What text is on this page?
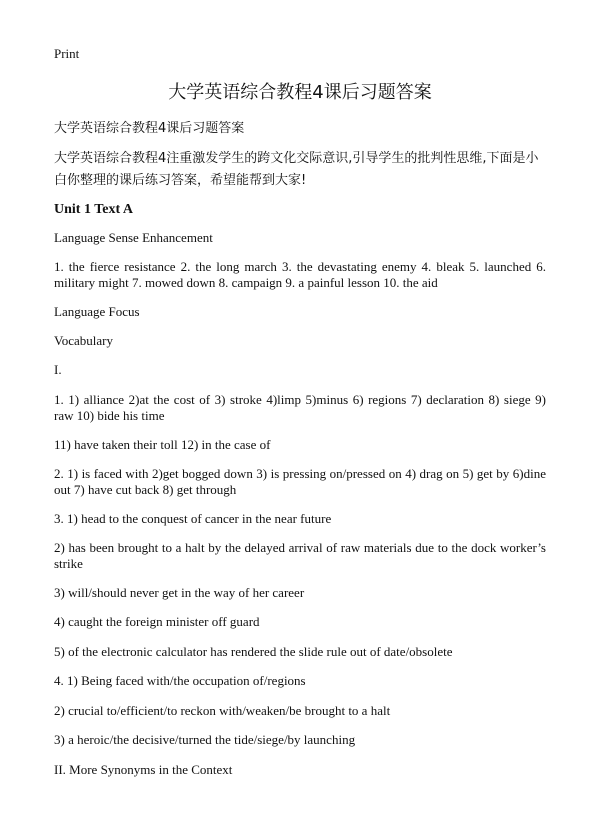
Print
大学英语综合教程4课后习题答案
大学英语综合教程4课后习题答案
大学英语综合教程4注重激发学生的跨文化交际意识,引导学生的批判性思维,下面是小白你整理的课后练习答案，希望能帮到大家!
Unit 1 Text A
Language Sense Enhancement
1. the fierce resistance 2. the long march 3. the devastating enemy 4. bleak 5. launched 6. military might 7. mowed down 8. campaign 9. a painful lesson 10. the aid
Language Focus
Vocabulary
I.
1. 1) alliance 2)at the cost of 3) stroke 4)limp 5)minus 6) regions 7) declaration 8) siege 9) raw 10) bide his time
11) have taken their toll 12) in the case of
2. 1) is faced with 2)get bogged down 3) is pressing on/pressed on 4) drag on 5) get by 6)dine out 7) have cut back 8) get through
3. 1) head to the conquest of cancer in the near future
2) has been brought to a halt by the delayed arrival of raw materials due to the dock worker’s strike
3) will/should never get in the way of her career
4) caught the foreign minister off guard
5) of the electronic calculator has rendered the slide rule out of date/obsolete
4. 1) Being faced with/the occupation of/regions
2) crucial to/efficient/to reckon with/weaken/be brought to a halt
3) a heroic/the decisive/turned the tide/siege/by launching
II. More Synonyms in the Context
